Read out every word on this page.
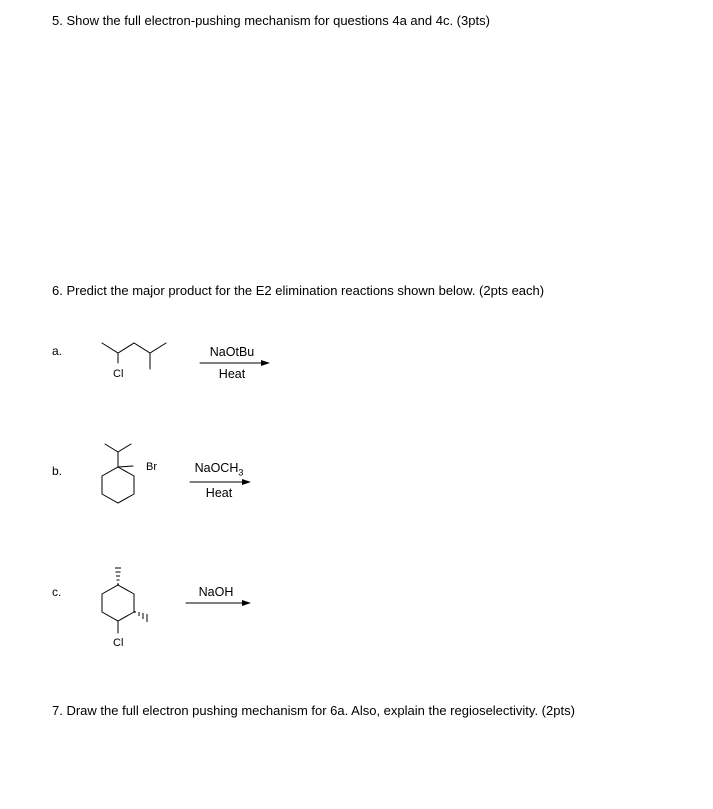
5. Show the full electron-pushing mechanism for questions 4a and 4c. (3pts)
6. Predict the major product for the E2 elimination reactions shown below. (2pts each)
7. Draw the full electron pushing mechanism for 6a. Also, explain the regioselectivity. (2pts)
a.
b.
c.
Cl
Br
Cl
NaOtBu
Heat
NaOCH$_3$
Heat
NaOH
